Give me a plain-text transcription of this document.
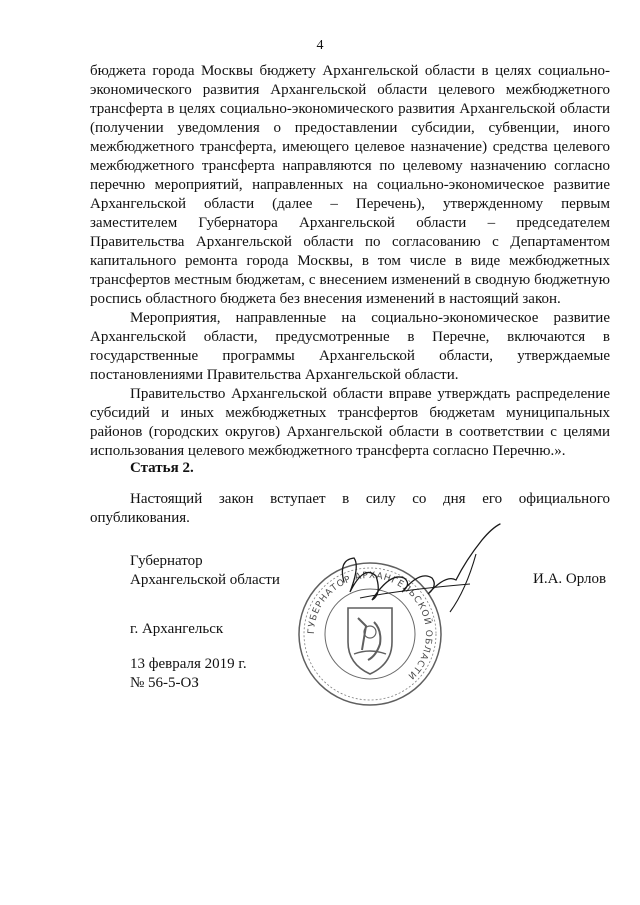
4

бюджета города Москвы бюджету Архангельской области в целях социально-экономического развития Архангельской области целевого межбюджетного трансферта в целях социально-экономического развития Архангельской области (получении уведомления о предоставлении субсидии, субвенции, иного межбюджетного трансферта, имеющего целевое назначение) средства целевого межбюджетного трансферта направляются по целевому назначению согласно перечню мероприятий, направленных на социально-экономическое развитие Архангельской области (далее – Перечень), утвержденному первым заместителем Губернатора Архангельской области – председателем Правительства Архангельской области по согласованию с Департаментом капитального ремонта города Москвы, в том числе в виде межбюджетных трансфертов местным бюджетам, с внесением изменений в сводную бюджетную роспись областного бюджета без внесения изменений в настоящий закон.

Мероприятия, направленные на социально-экономическое развитие Архангельской области, предусмотренные в Перечне, включаются в государственные программы Архангельской области, утверждаемые постановлениями Правительства Архангельской области.

Правительство Архангельской области вправе утверждать распределение субсидий и иных межбюджетных трансфертов бюджетам муниципальных районов (городских округов) Архангельской области в соответствии с целями использования целевого межбюджетного трансферта согласно Перечню.».

Статья 2.
Настоящий закон вступает в силу со дня его официального опубликования.
Губернатор
Архангельской области	И.А. Орлов
ГУБЕРНАТОР АРХАНГЕЛЬСКОЙ ОБЛАСТИ
г. Архангельск
13 февраля 2019 г.
№ 56-5-ОЗ
